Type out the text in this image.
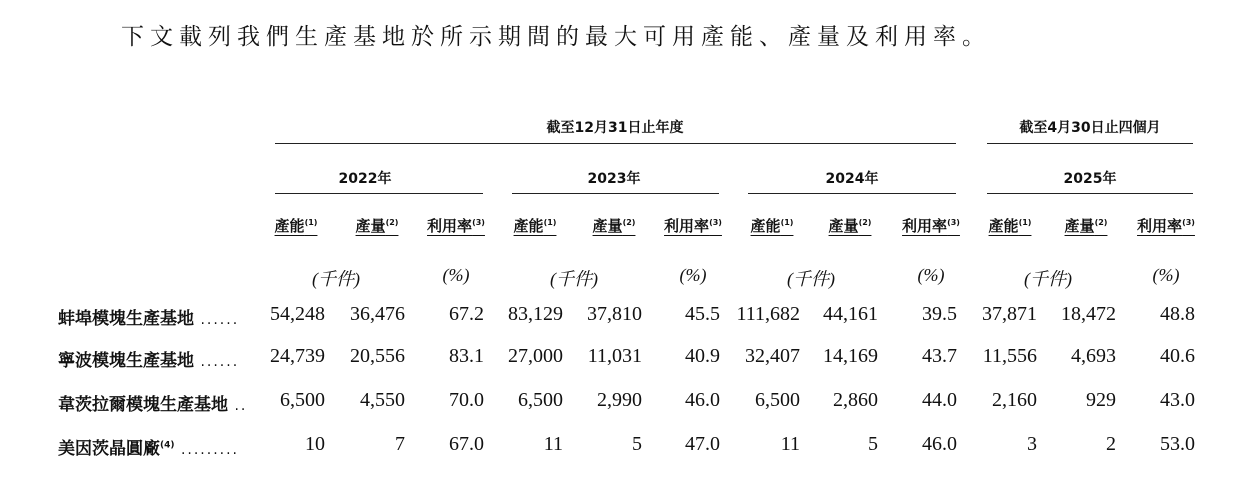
下文載列我們生產基地於所示期間的最大可用產能、產量及利用率。
截至12月31日止年度	截至4月30日止四個月
2022年	2023年	2024年	2025年
產能$^{(1)}$	產量$^{(2)}$ 利用率$^{(3)}$ 產能$^{(1)}$ 產量$^{(2)}$ 利用率$^{(3)}$ 產能$^{(1)}$ 產量$^{(2)}$ 利用率$^{(3)}$ 產能$^{(1)}$ 產量$^{(2)}$ 利用率$^{(3)}$
(千件)	(%)	(千件)	(%)	(千件)	(%)	(千件)	(%)
蚌埠模塊生產基地 ...... 54,248 36,476 67.2 83,129 37,810 45.5 111,682 44,161 39.5 37,871 18,472 48.8
寧波模塊生產基地 ...... 24,739 20,556 83.1 27,000 11,031 40.9 32,407 14,169 43.7 11,556 4,693 40.6
韋茨拉爾模塊生產基地 .. 6,500 4,550 70.0 6,500 2,990 46.0 6,500 2,860 44.0 2,160 929 43.0
美因茨晶圓廠$^{(4)}$ .........	10	7 67.0	11	5 47.0	11	5 46.0	3	2 53.0
